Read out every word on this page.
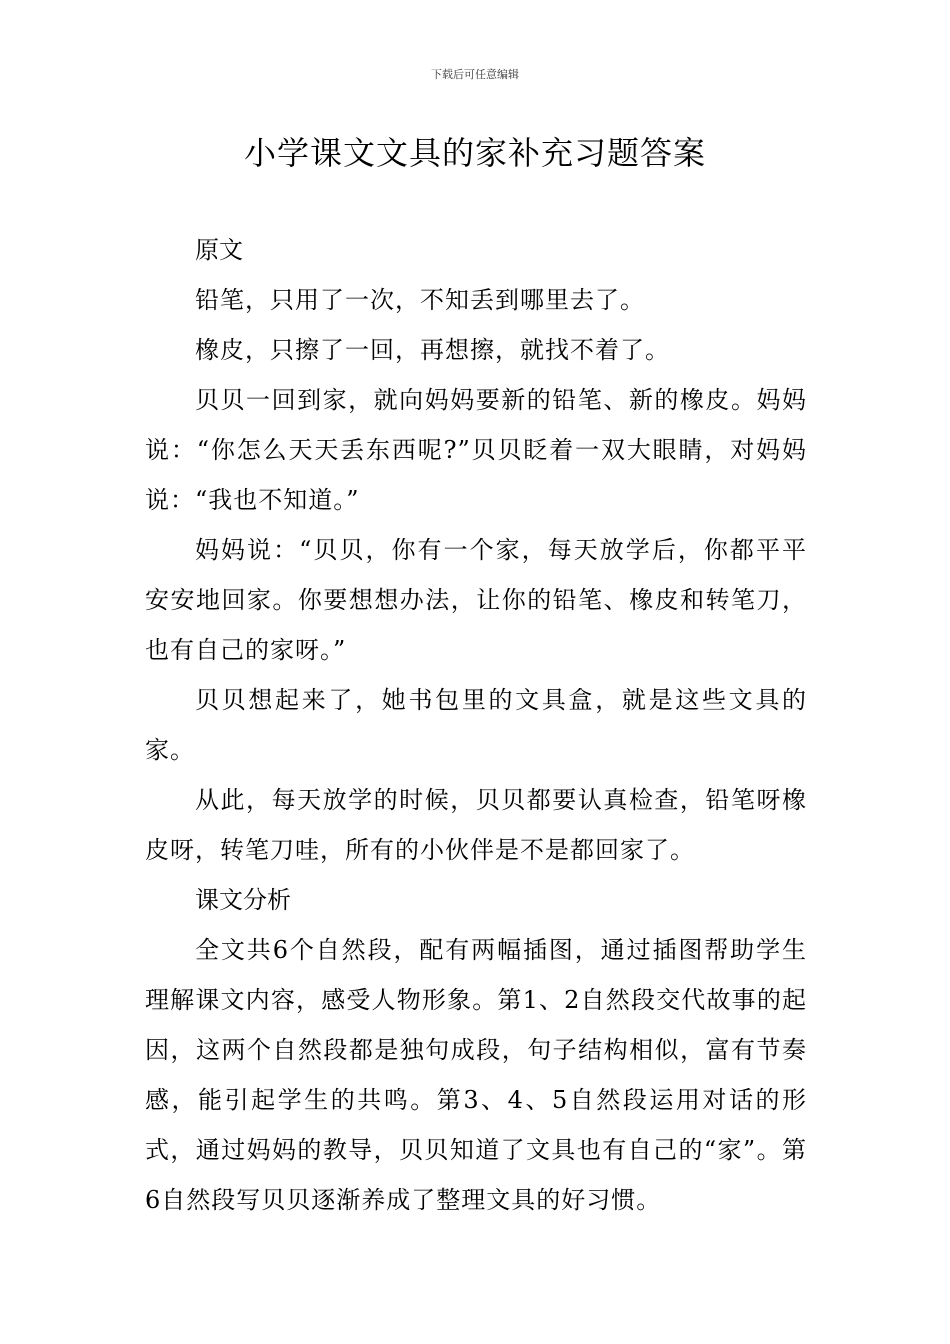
下载后可任意编辑
小学课文文具的家补充习题答案

原文

铅笔，只用了一次，不知丢到哪里去了。

橡皮，只擦了一回，再想擦，就找不着了。

贝贝一回到家，就向妈妈要新的铅笔、新的橡皮。妈妈说：“你怎么天天丢东西呢?”贝贝眨着一双大眼睛，对妈妈说：“我也不知道。”

妈妈说：“贝贝，你有一个家，每天放学后，你都平平安安地回家。你要想想办法，让你的铅笔、橡皮和转笔刀，也有自己的家呀。”

贝贝想起来了，她书包里的文具盒，就是这些文具的家。

从此，每天放学的时候，贝贝都要认真检查，铅笔呀橡皮呀，转笔刀哇，所有的小伙伴是不是都回家了。

课文分析

全文共6个自然段，配有两幅插图，通过插图帮助学生理解课文内容，感受人物形象。第1、2自然段交代故事的起因，这两个自然段都是独句成段，句子结构相似，富有节奏感，能引起学生的共鸣。第3、4、5自然段运用对话的形式，通过妈妈的教导，贝贝知道了文具也有自己的“家”。第6自然段写贝贝逐渐养成了整理文具的好习惯。
